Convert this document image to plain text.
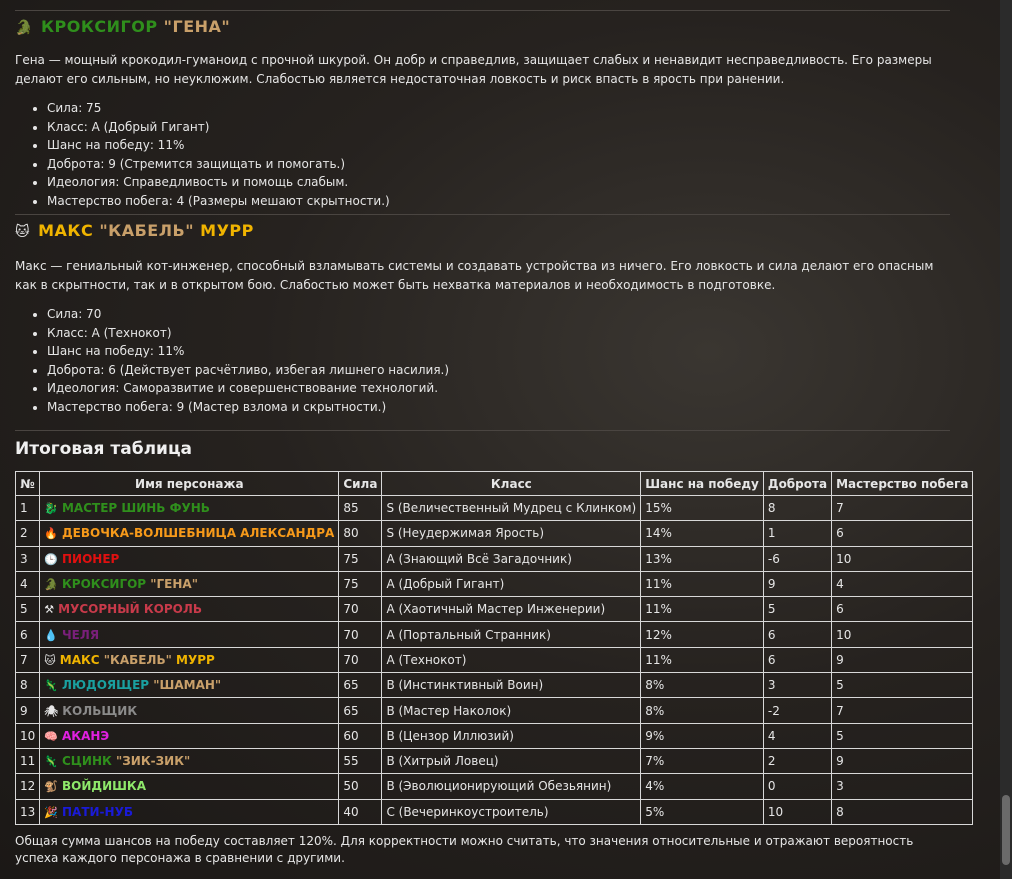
🐊 КРОКСИГОР "ГЕНА"

Гена — мощный крокодил-гуманоид с прочной шкурой. Он добр и справедлив, защищает слабых и ненавидит несправедливость. Его размеры делают его сильным, но неуклюжим. Слабостью является недостаточная ловкость и риск впасть в ярость при ранении.

• Сила: 75
• Класс: A (Добрый Гигант)
• Шанс на победу: 11%
• Доброта: 9 (Стремится защищать и помогать.)
• Идеология: Справедливость и помощь слабым.
• Мастерство побега: 4 (Размеры мешают скрытности.)
🐱 МАКС "КАБЕЛЬ" МУРР

Макс — гениальный кот-инженер, способный взламывать системы и создавать устройства из ничего. Его ловкость и сила делают его опасным как в скрытности, так и в открытом бою. Слабостью может быть нехватка материалов и необходимость в подготовке.

• Сила: 70
• Класс: A (Технокот)
• Шанс на победу: 11%
• Доброта: 6 (Действует расчётливо, избегая лишнего насилия.)
• Идеология: Саморазвитие и совершенствование технологий.
• Мастерство побега: 9 (Мастер взлома и скрытности.)
Итоговая таблица
№	Имя персонажа	Сила	Класс	Шанс на победу	Доброта	Мастерство побега
1	🐉 МАСТЕР ШИНЬ ФУНЬ	85	S (Величественный Мудрец с Клинком)	15%	8	7
2	🔥 ДЕВОЧКА-ВОЛШЕБНИЦА АЛЕКСАНДРА	80	S (Неудержимая Ярость)	14%	1	6
3	🕒 ПИОНЕР	75	A (Знающий Всё Загадочник)	13%	-6	10
4	🐊 КРОКСИГОР "ГЕНА"	75	A (Добрый Гигант)	11%	9	4
5	⚒ МУСОРНЫЙ КОРОЛЬ	70	A (Хаотичный Мастер Инженерии)	11%	5	6
6	💧 ЧЕЛЯ	70	A (Портальный Странник)	12%	6	10
7	🐱 МАКС "КАБЕЛЬ" МУРР	70	A (Технокот)	11%	6	9
8	🦎 ЛЮДОЯЩЕР "ШАМАН"	65	B (Инстинктивный Воин)	8%	3	5
9	🕷 КОЛЬЩИК	65	B (Мастер Наколок)	8%	-2	7
10	🧠 АКАНЭ	60	B (Цензор Иллюзий)	9%	4	5
11	🦎 СЦИНК "ЗИК-ЗИК"	55	B (Хитрый Ловец)	7%	2	9
12	🐒 ВОЙДИШКА	50	B (Эволюционирующий Обезьянин)	4%	0	3
13	🎉 ПАТИ-НУБ	40	C (Вечеринкоустроитель)	5%	10	8

Общая сумма шансов на победу составляет 120%. Для корректности можно считать, что значения относительные и отражают вероятность успеха каждого персонажа в сравнении с другими.
